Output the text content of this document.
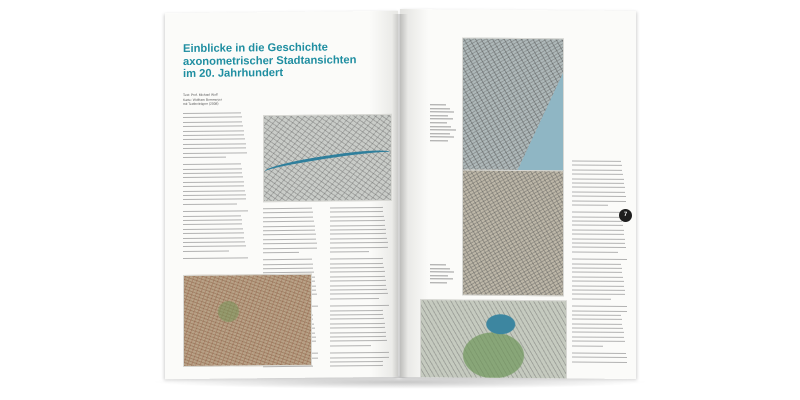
Einblicke in die Geschichte
axonometrischer Stadtansichten
im 20. Jahrhundert
Text: Prof. Michael Wolf
Karte: Wolfram Bornmeyer
mit Textbeiträgen (2008)
7
